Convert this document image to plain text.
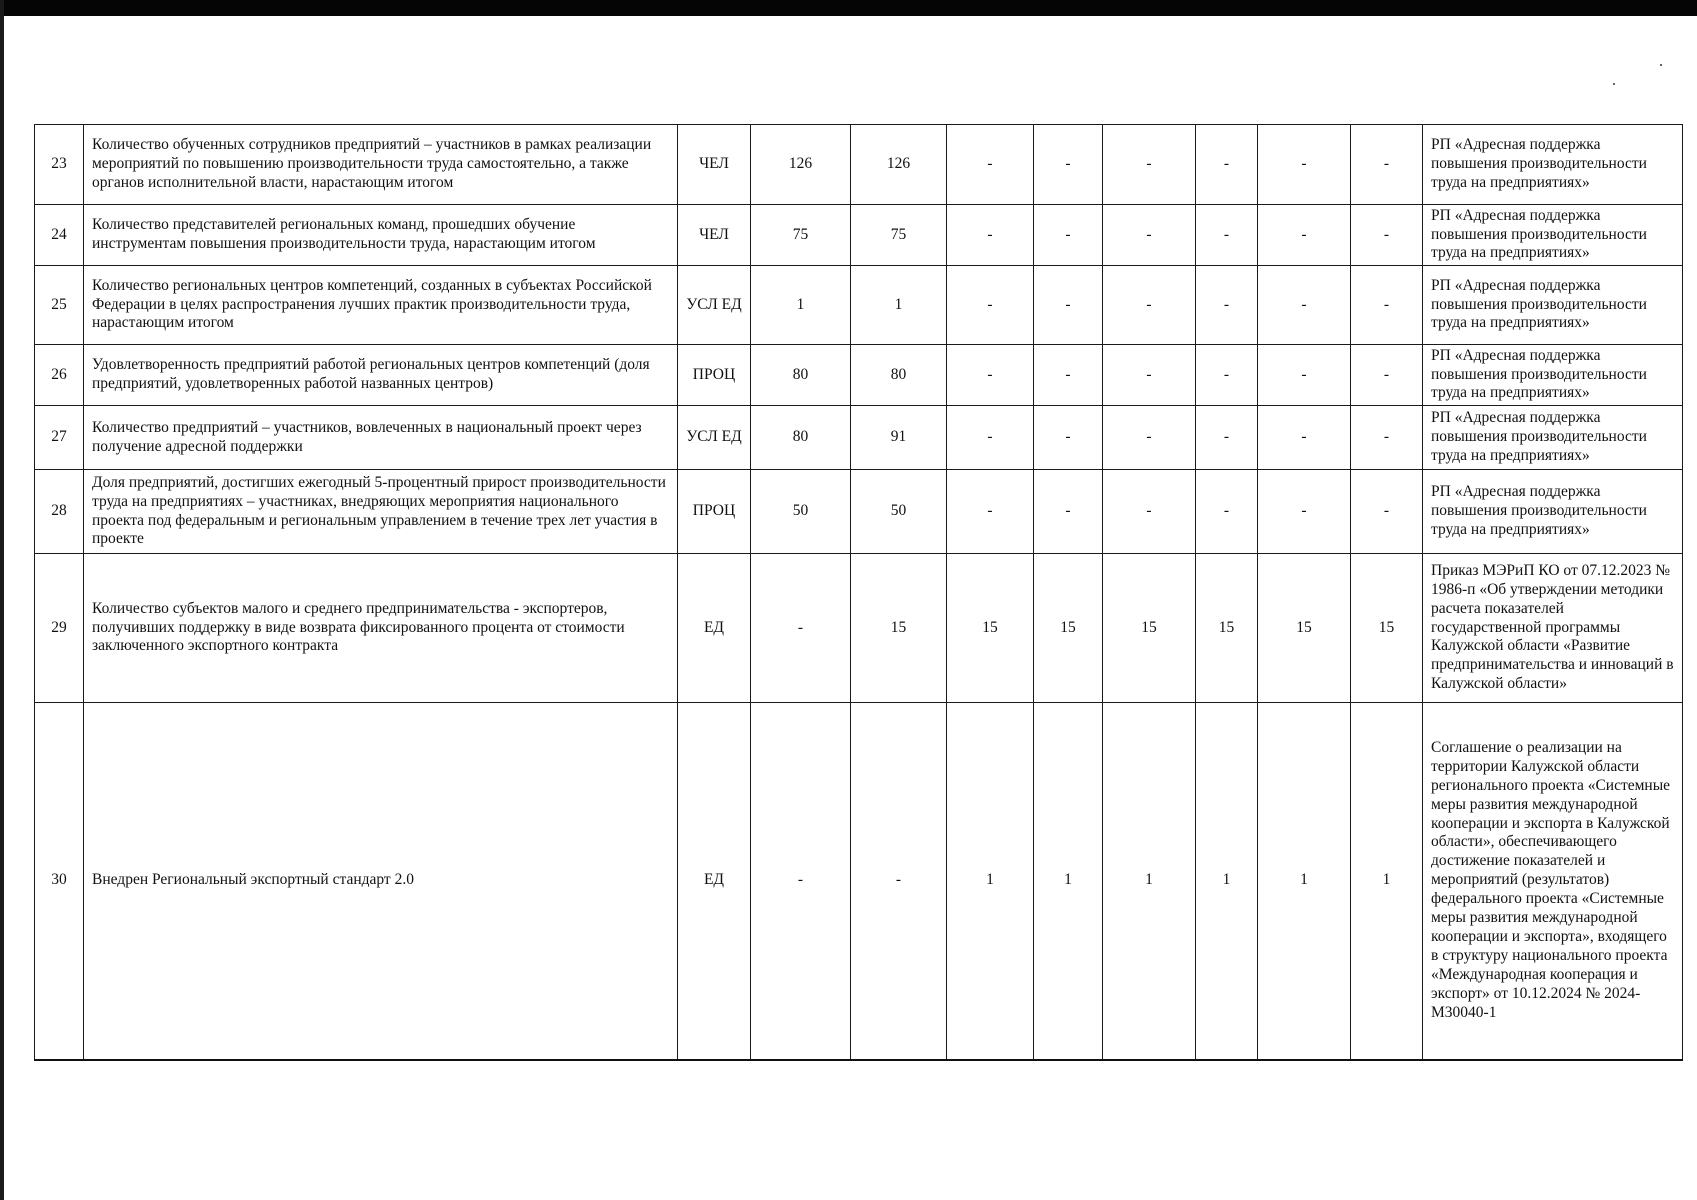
23	Количество обученных сотрудников предприятий – участников в рамках реализации мероприятий по повышению производительности труда самостоятельно, а также органов исполнительной власти, нарастающим итогом	ЧЕЛ	126	126	-	-	-	-	-	-	РП «Адресная поддержка повышения производительности труда на предприятиях»
24	Количество представителей региональных команд, прошедших обучение инструментам повышения производительности труда, нарастающим итогом	ЧЕЛ	75	75	-	-	-	-	-	-	РП «Адресная поддержка повышения производительности труда на предприятиях»
25	Количество региональных центров компетенций, созданных в субъектах Российской Федерации в целях распространения лучших практик производительности труда, нарастающим итогом	УСЛ ЕД	1	1	-	-	-	-	-	-	РП «Адресная поддержка повышения производительности труда на предприятиях»
26	Удовлетворенность предприятий работой региональных центров компетенций (доля предприятий, удовлетворенных работой названных центров)	ПРОЦ	80	80	-	-	-	-	-	-	РП «Адресная поддержка повышения производительности труда на предприятиях»
27	Количество предприятий – участников, вовлеченных в национальный проект через получение адресной поддержки	УСЛ ЕД	80	91	-	-	-	-	-	-	РП «Адресная поддержка повышения производительности труда на предприятиях»
28	Доля предприятий, достигших ежегодный 5-процентный прирост производительности труда на предприятиях – участниках, внедряющих мероприятия национального проекта под федеральным и региональным управлением в течение трех лет участия в проекте	ПРОЦ	50	50	-	-	-	-	-	-	РП «Адресная поддержка повышения производительности труда на предприятиях»
29	Количество субъектов малого и среднего предпринимательства - экспортеров, получивших поддержку в виде возврата фиксированного процента от стоимости заключенного экспортного контракта	ЕД	-	15	15	15	15	15	15	15	Приказ МЭРиП КО от 07.12.2023 № 1986-п «Об утверждении методики расчета показателей государственной программы Калужской области «Развитие предпринимательства и инноваций в Калужской области»
30	Внедрен Региональный экспортный стандарт 2.0	ЕД	-	-	1	1	1	1	1	1	Соглашение о реализации на территории Калужской области регионального проекта «Системные меры развития международной кооперации и экспорта в Калужской области», обеспечивающего достижение показателей и мероприятий (результатов) федерального проекта «Системные меры развития международной кооперации и экспорта», входящего в структуру национального проекта «Международная кооперация и экспорт» от 10.12.2024 № 2024-М30040-1
